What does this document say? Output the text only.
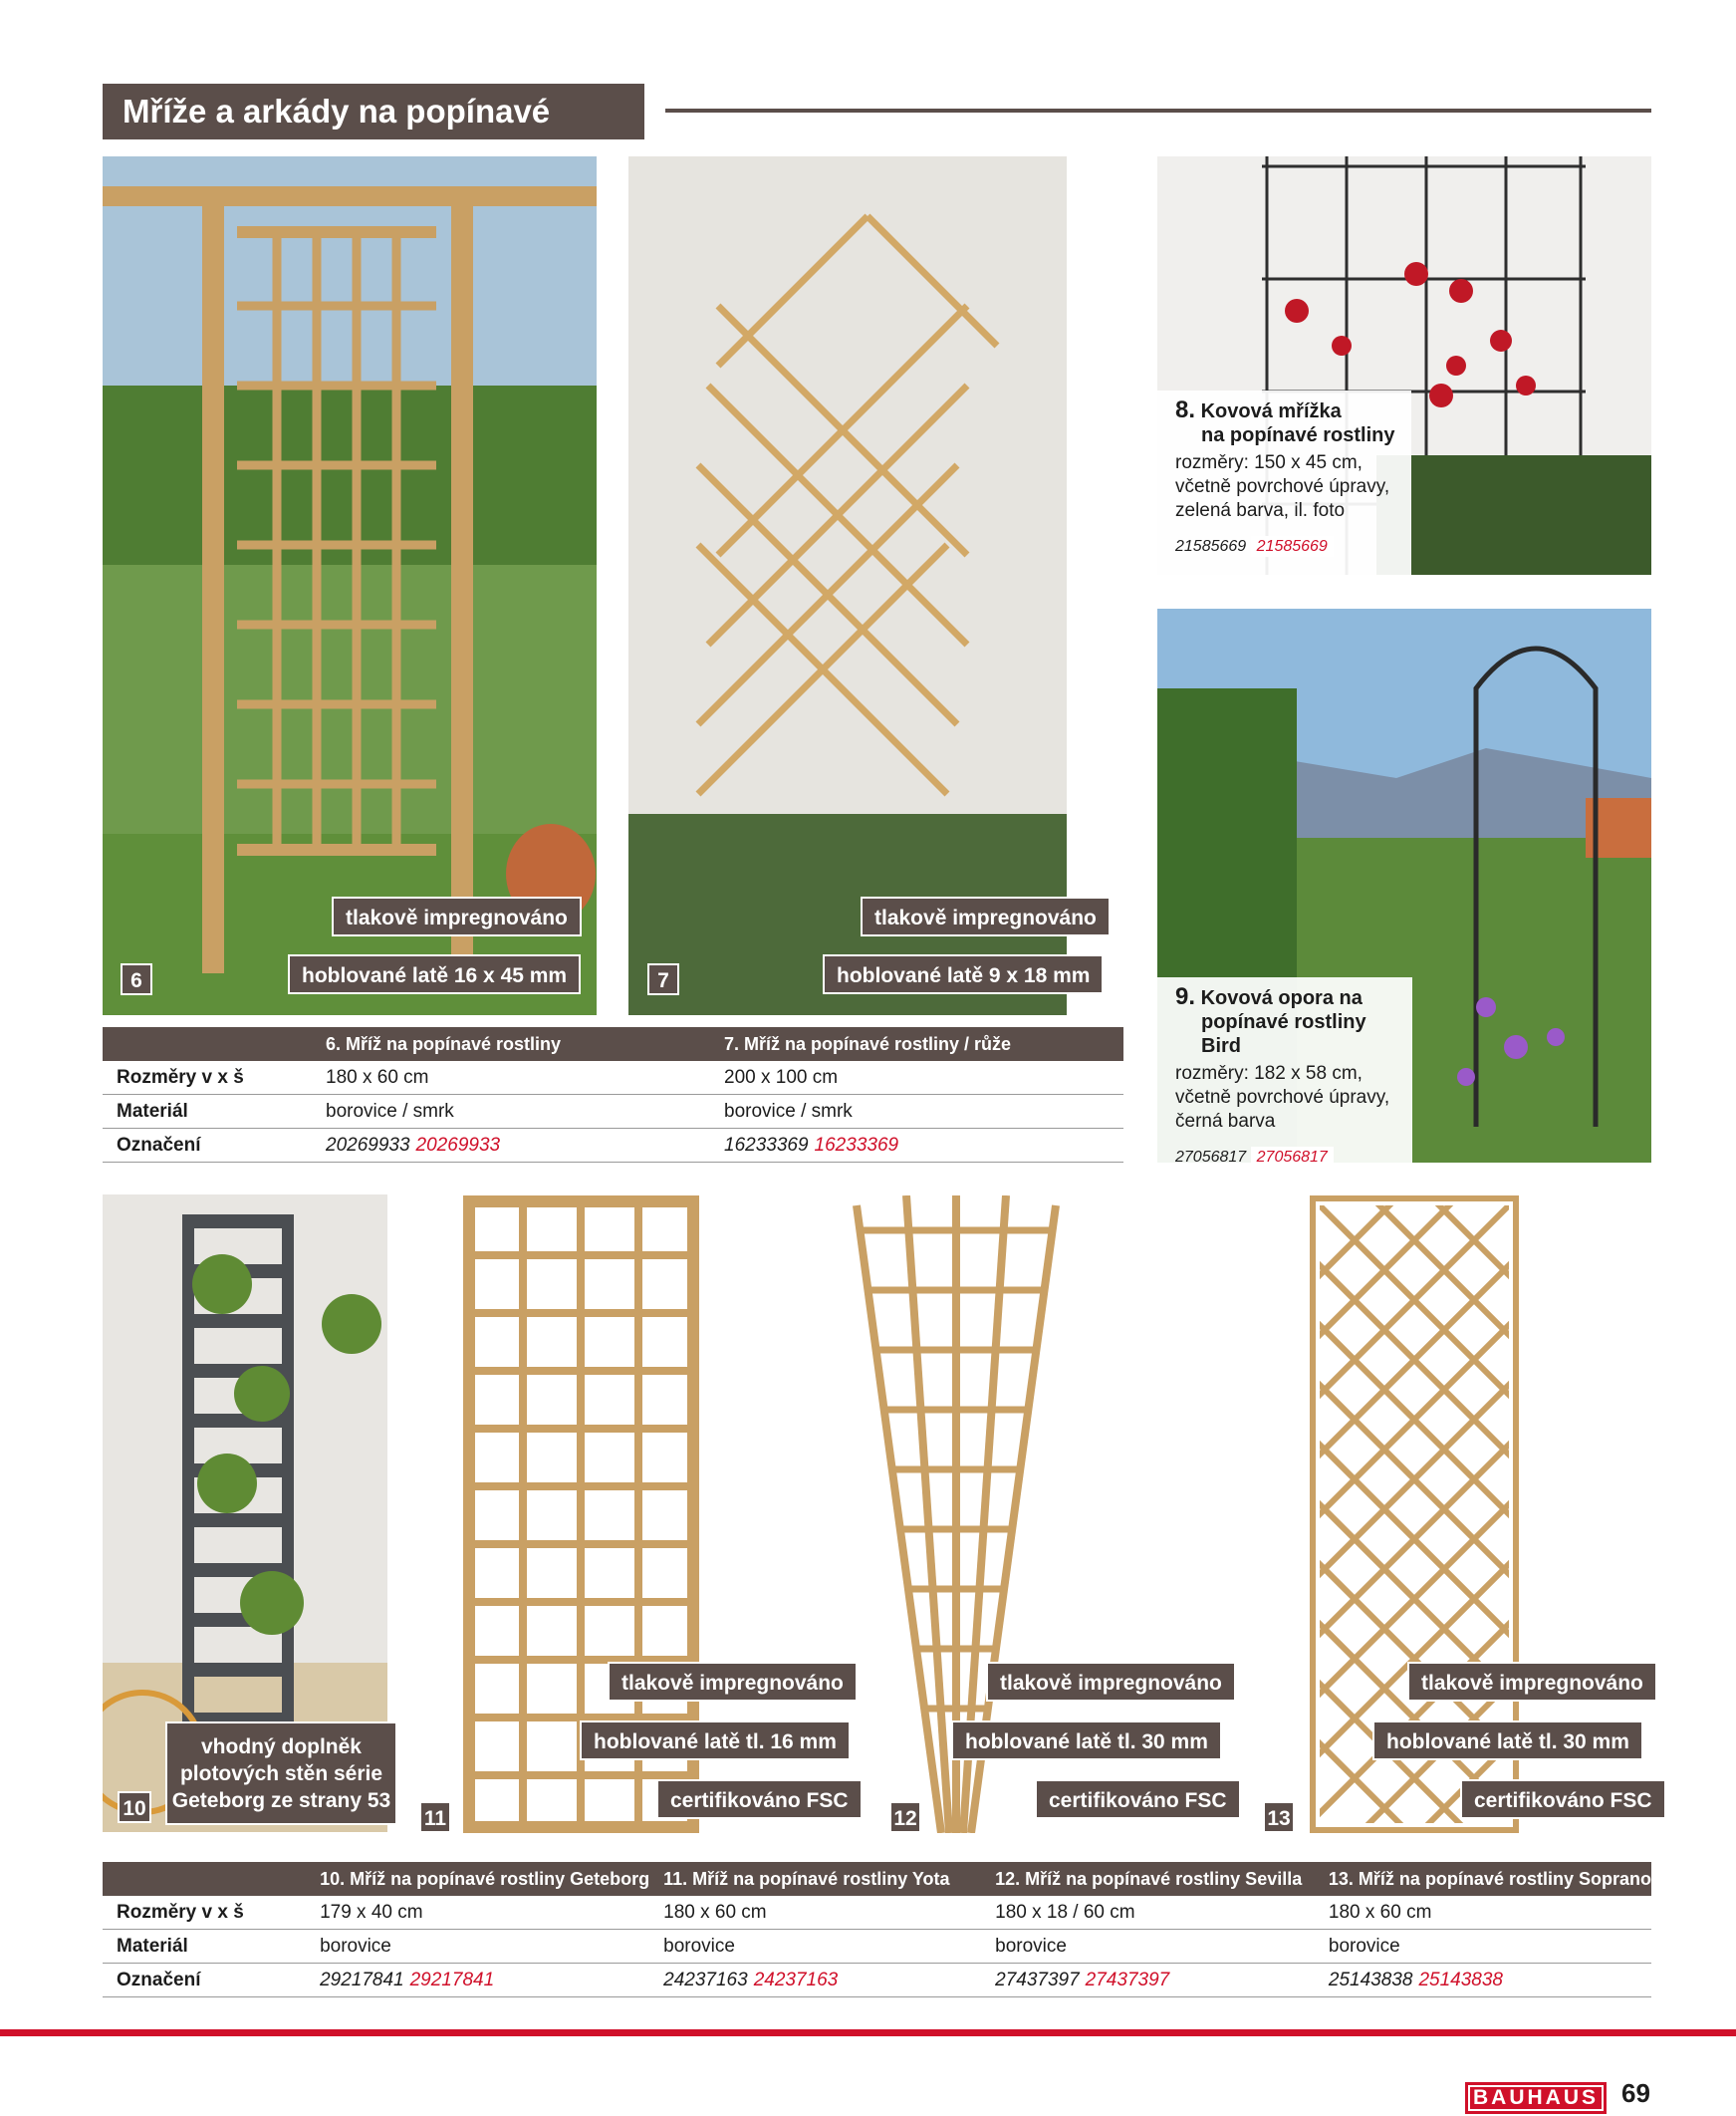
Mříže a arkády na popínavé
6
tlakově impregnováno
hoblované latě 16 x 45 mm	7
tlakově impregnováno
hoblované latě 9 x 18 mm
8. Kovová mřížka
na popínavé rostliny
rozměry: 150 x 45 cm,
včetně povrchové úpravy,
zelená barva, il. foto
21585669 21585669
9. Kovová opora na
popínavé rostliny Bird
rozměry: 182 x 58 cm,
včetně povrchové úpravy,
černá barva
27056817 27056817
	6. Mříž na popínavé rostliny	7. Mříž na popínavé rostliny / růže
Rozměry v x š	180 x 60 cm	200 x 100 cm
Materiál	borovice / smrk	borovice / smrk
Označení	20269933 20269933	16233369 16233369
10
vhodný doplněk
plotových stěn série
Geteborg ze strany 53
11
tlakově impregnováno
hoblované latě tl. 16 mm
certifikováno FSC
12
tlakově impregnováno
hoblované latě tl. 30 mm
certifikováno FSC
13
tlakově impregnováno
hoblované latě tl. 30 mm
certifikováno FSC
	10. Mříž na popínavé rostliny Geteborg	11. Mříž na popínavé rostliny Yota	12. Mříž na popínavé rostliny Sevilla	13. Mříž na popínavé rostliny Soprano
Rozměry v x š	179 x 40 cm	180 x 60 cm	180 x 18 / 60 cm	180 x 60 cm
Materiál	borovice	borovice	borovice	borovice
Označení	29217841 29217841	24237163 24237163	27437397 27437397	25143838 25143838
BAUHAUS 69
